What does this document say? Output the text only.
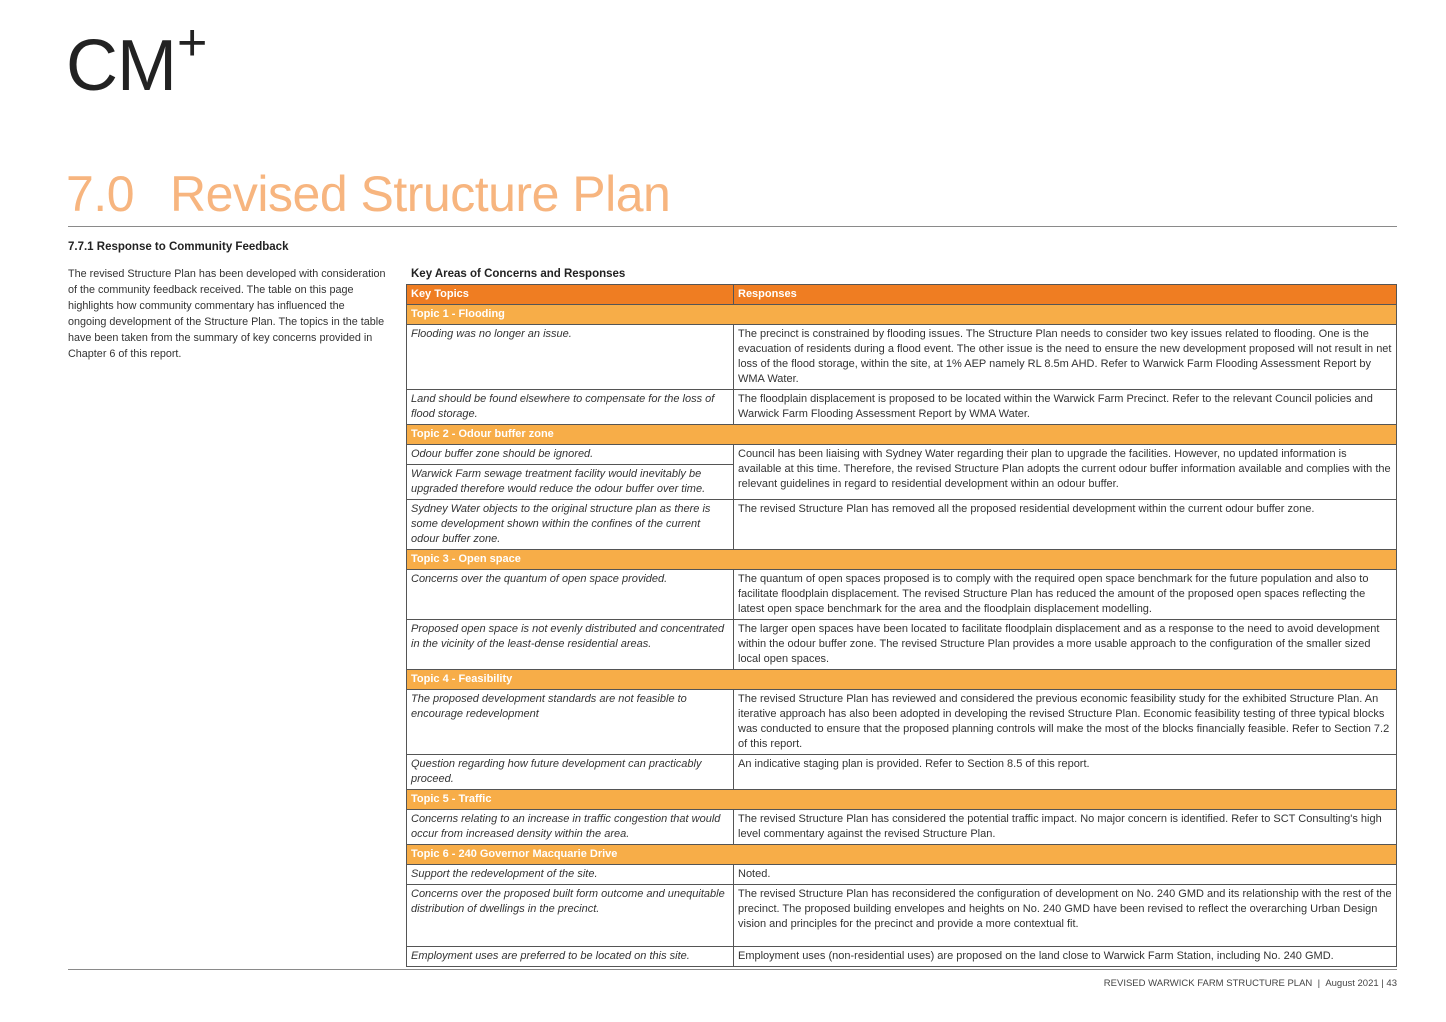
CM+
7.0 Revised Structure Plan
7.7.1 Response to Community Feedback

The revised Structure Plan has been developed with consideration of the community feedback received. The table on this page highlights how community commentary has influenced the ongoing development of the Structure Plan. The topics in the table have been taken from the summary of key concerns provided in Chapter 6 of this report.

Key Areas of Concerns and Responses
Key Topics	Responses
Topic 1 - Flooding	
Flooding was no longer an issue.	The precinct is constrained by flooding issues. The Structure Plan needs to consider two key issues related to flooding. One is the evacuation of residents during a flood event. The other issue is the need to ensure the new development proposed will not result in net loss of the flood storage, within the site, at 1% AEP namely RL 8.5m AHD. Refer to Warwick Farm Flooding Assessment Report by WMA Water.
Land should be found elsewhere to compensate for the loss of flood storage.	The floodplain displacement is proposed to be located within the Warwick Farm Precinct. Refer to the relevant Council policies and Warwick Farm Flooding Assessment Report by WMA Water.
Topic 2 - Odour buffer zone	
Odour buffer zone should be ignored.	Council has been liaising with Sydney Water regarding their plan to upgrade the facilities. However, no updated information is available at this time. Therefore, the revised Structure Plan adopts the current odour buffer information available and complies with the relevant guidelines in regard to residential development within an odour buffer.
Warwick Farm sewage treatment facility would inevitably be upgraded therefore would reduce the odour buffer over time.	
Sydney Water objects to the original structure plan as there is some development shown within the confines of the current odour buffer zone.	The revised Structure Plan has removed all the proposed residential development within the current odour buffer zone.
Topic 3 - Open space	
Concerns over the quantum of open space provided.	The quantum of open spaces proposed is to comply with the required open space benchmark for the future population and also to facilitate floodplain displacement. The revised Structure Plan has reduced the amount of the proposed open spaces reflecting the latest open space benchmark for the area and the floodplain displacement modelling.
Proposed open space is not evenly distributed and concentrated in the vicinity of the least-dense residential areas.	The larger open spaces have been located to facilitate floodplain displacement and as a response to the need to avoid development within the odour buffer zone. The revised Structure Plan provides a more usable approach to the configuration of the smaller sized local open spaces.
Topic 4 - Feasibility	
The proposed development standards are not feasible to encourage redevelopment	The revised Structure Plan has reviewed and considered the previous economic feasibility study for the exhibited Structure Plan. An iterative approach has also been adopted in developing the revised Structure Plan. Economic feasibility testing of three typical blocks was conducted to ensure that the proposed planning controls will make the most of the blocks financially feasible. Refer to Section 7.2 of this report.
Question regarding how future development can practicably proceed.	An indicative staging plan is provided. Refer to Section 8.5 of this report.
Topic 5 - Traffic	
Concerns relating to an increase in traffic congestion that would occur from increased density within the area.	The revised Structure Plan has considered the potential traffic impact. No major concern is identified. Refer to SCT Consulting's high level commentary against the revised Structure Plan.
Topic 6 - 240 Governor Macquarie Drive	
Support the redevelopment of the site.	Noted.
Concerns over the proposed built form outcome and unequitable distribution of dwellings in the precinct.	The revised Structure Plan has reconsidered the configuration of development on No. 240 GMD and its relationship with the rest of the precinct. The proposed building envelopes and heights on No. 240 GMD have been revised to reflect the overarching Urban Design vision and principles for the precinct and provide a more contextual fit.
Employment uses are preferred to be located on this site.	Employment uses (non-residential uses) are proposed on the land close to Warwick Farm Station, including No. 240 GMD.
REVISED WARWICK FARM STRUCTURE PLAN | August 2021 | 43
